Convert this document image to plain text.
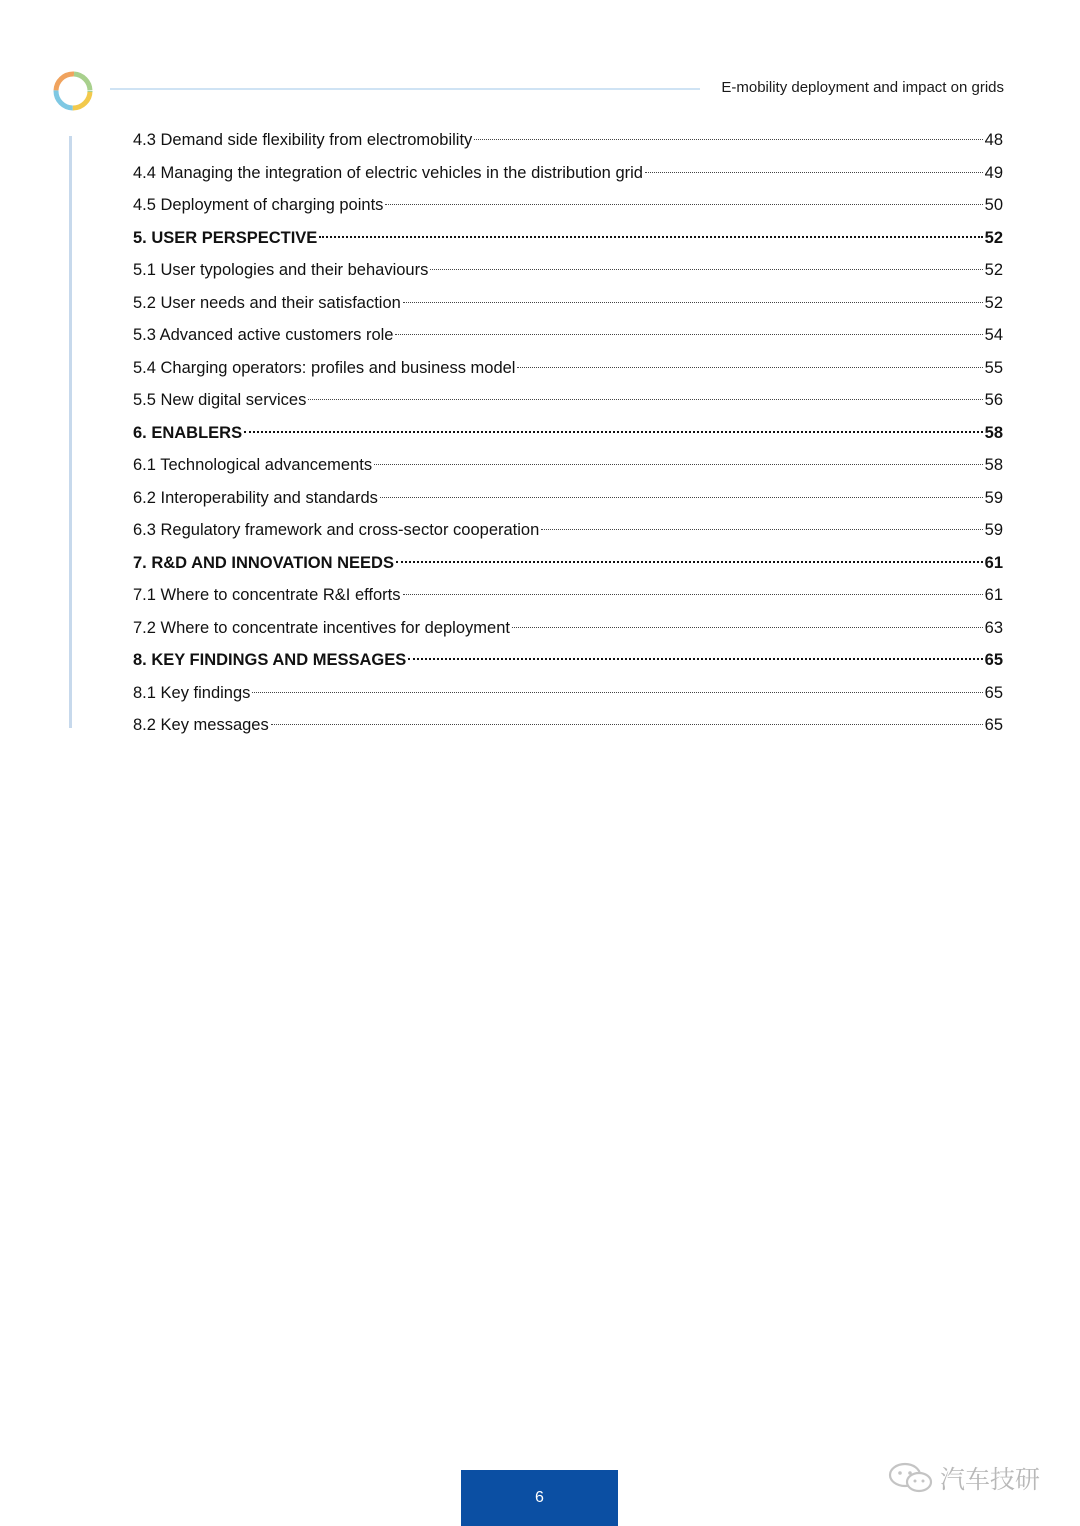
E-mobility deployment and impact on grids
4.3 Demand side flexibility from electromobility	48
4.4 Managing the integration of electric vehicles in the distribution grid	49
4.5 Deployment of charging points	50
5. USER PERSPECTIVE	52
5.1 User typologies and their behaviours	52
5.2 User needs and their satisfaction	52
5.3 Advanced active customers role	54
5.4 Charging operators: profiles and business model	55
5.5 New digital services	56
6. ENABLERS	58
6.1 Technological advancements	58
6.2 Interoperability and standards	59
6.3 Regulatory framework and cross-sector cooperation	59
7. R&D AND INNOVATION NEEDS	61
7.1 Where to concentrate R&I efforts	61
7.2 Where to concentrate incentives for deployment	63
8. KEY FINDINGS AND MESSAGES	65
8.1 Key findings	65
8.2 Key messages	65
6
汽车技研
